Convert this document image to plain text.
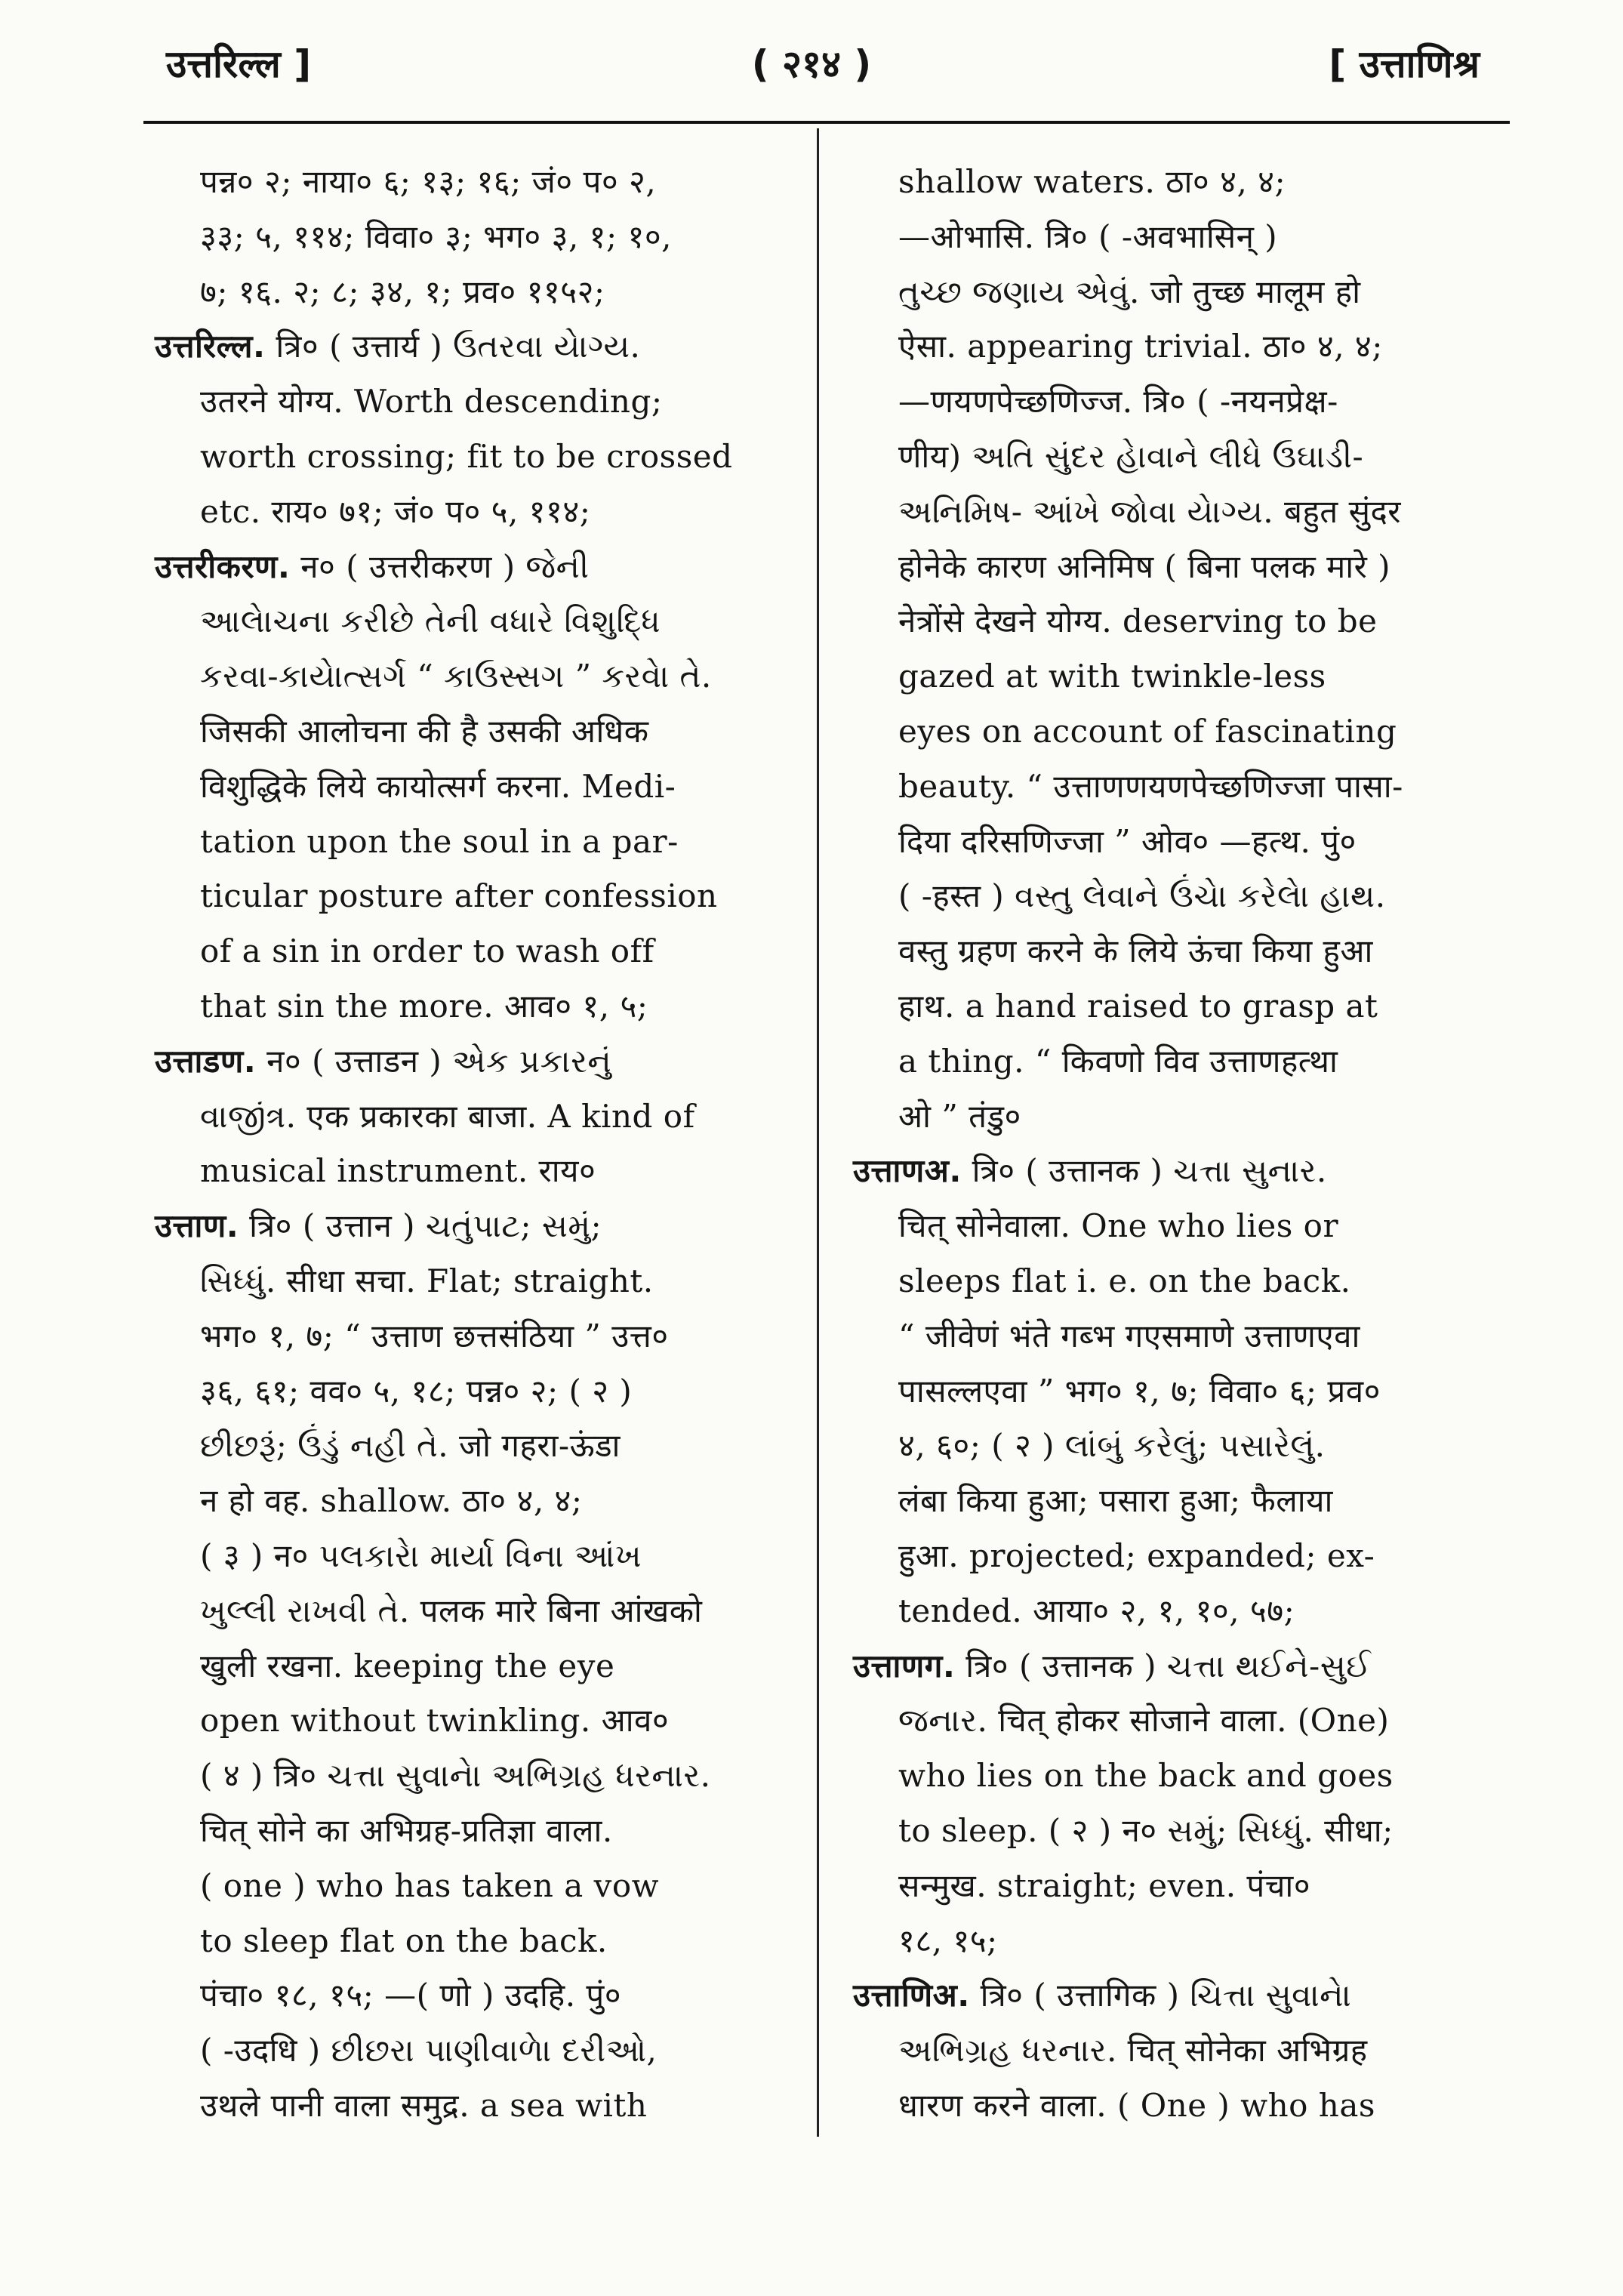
उत्तरिल्ल ]	( २१४ )	[ उत्ताणिश्र
पन्न० २; नाया० ६; १३; १६; जं० प० २,
३३; ५, ११४; विवा० ३; भग० ३, १; १०,
७; १६. २; ८; ३४, १; प्रव० ११५२;
उत्तरिल्ल. त्रि० ( उत्तार्य ) ઉતરવા યેાગ્ય.
उतरने योग्य. Worth descending;
worth crossing; fit to be crossed
etc. राय० ७१; जं० प० ५, ११४;
उत्तरीकरण. न० ( उत्तरीकरण ) જેની
આલેાચના કરીછે તેની વધારે વિશુદ્ધિ
કરવા-કાયેાત્સર્ગ “ કાઉસ્સગ ” કરવેા તે.
जिसकी आलोचना की है उसकी अधिक
विशुद्धिके लिये कायोत्सर्ग करना. Medi-
tation upon the soul in a par-
ticular posture after confession
of a sin in order to wash off
that sin the more. आव० १, ५;
उत्ताडण. न० ( उत्ताडन ) એક પ્રકારનું
વાજીંત્ર. एक प्रकारका बाजा. A kind of
musical instrument. राय०
उत्ताण. त्रि० ( उत्तान ) ચતુંપાટ; સમું;
સિધ્ધું. सीधा सचा. Flat; straight.
भग० १, ७; “ उत्ताण छत्तसंठिया ” उत्त०
३६, ६१; वव० ५, १८; पन्न० २; ( २ )
છીછરૂં; ઉંડું નહી તે. जो गहरा-ऊंडा
न हो वह. shallow. ठा० ४, ४;
( ३ ) न० પલકારેા માર્યા વિના આંખ
ખુલ્લી રાખવી તે. पलक मारे बिना आंखको
खुली रखना. keeping the eye
open without twinkling. आव०
( ४ ) त्रि० ચત્તા સુવાનેા અભિગ્રહ ધરનાર.
चित् सोने का अभिग्रह-प्रतिज्ञा वाला.
( one ) who has taken a vow
to sleep flat on the back.
पंचा० १८, १५; —( णो ) उदहि. पुं०
( -उदधि ) છીછરા પાણીવાળેા દરીઓ,
उथले पानी वाला समुद्र. a sea with
shallow waters. ठा० ४, ४;
—ओभासि. त्रि० ( -अवभासिन् )
તુચ્છ જણાય એવું. जो तुच्छ मालूम हो
ऐसा. appearing trivial. ठा० ४, ४;
—णयणपेच्छणिज्ज. त्रि० ( -नयनप्रेक्ष-
णीय) અતિ સુંદર હેાવાને લીધે ઉઘાડી-
અનિમિષ- આંખે જોવા યેાગ્ય. बहुत सुंदर
होनेके कारण अनिमिष ( बिना पलक मारे )
नेत्रोंसे देखने योग्य. deserving to be
gazed at with twinkle-less
eyes on account of fascinating
beauty. “ उत्ताणणयणपेच्छणिज्जा पासा-
दिया दरिसणिज्जा ” ओव० —हत्थ. पुं०
( -हस्त ) વસ્તુ લેવાને ઉંચેા કરેલેા હાથ.
वस्तु ग्रहण करने के लिये ऊंचा किया हुआ
हाथ. a hand raised to grasp at
a thing. “ किवणो विव उत्ताणहत्था
ओ ” तंडु०
उत्ताणअ. त्रि० ( उत्तानक ) ચત્તા સુનાર.
चित् सोनेवाला. One who lies or
sleeps flat i. e. on the back.
“ जीवेणं भंते गब्भ गएसमाणे उत्ताणएवा
पासल्लएवा ” भग० १, ७; विवा० ६; प्रव०
४, ६०; ( २ ) લાંબું કરેલું; પસારેલું.
लंबा किया हुआ; पसारा हुआ; फैलाया
हुआ. projected; expanded; ex-
tended. आया० २, १, १०, ५७;
उत्ताणग. त्रि० ( उत्तानक ) ચત્તા થઈને-સુઈ
જનાર. चित् होकर सोजाने वाला. (One)
who lies on the back and goes
to sleep. ( २ ) न० સમું; સિધ્ધું. सीधा;
सन्मुख. straight; even. पंचा०
१८, १५;
उत्ताणिअ. त्रि० ( उत्तागिक ) ચિત્તા સુવાનેા
અભિગ્રહ ધરનાર. चित् सोनेका अभिग्रह
धारण करने वाला. ( One ) who has
